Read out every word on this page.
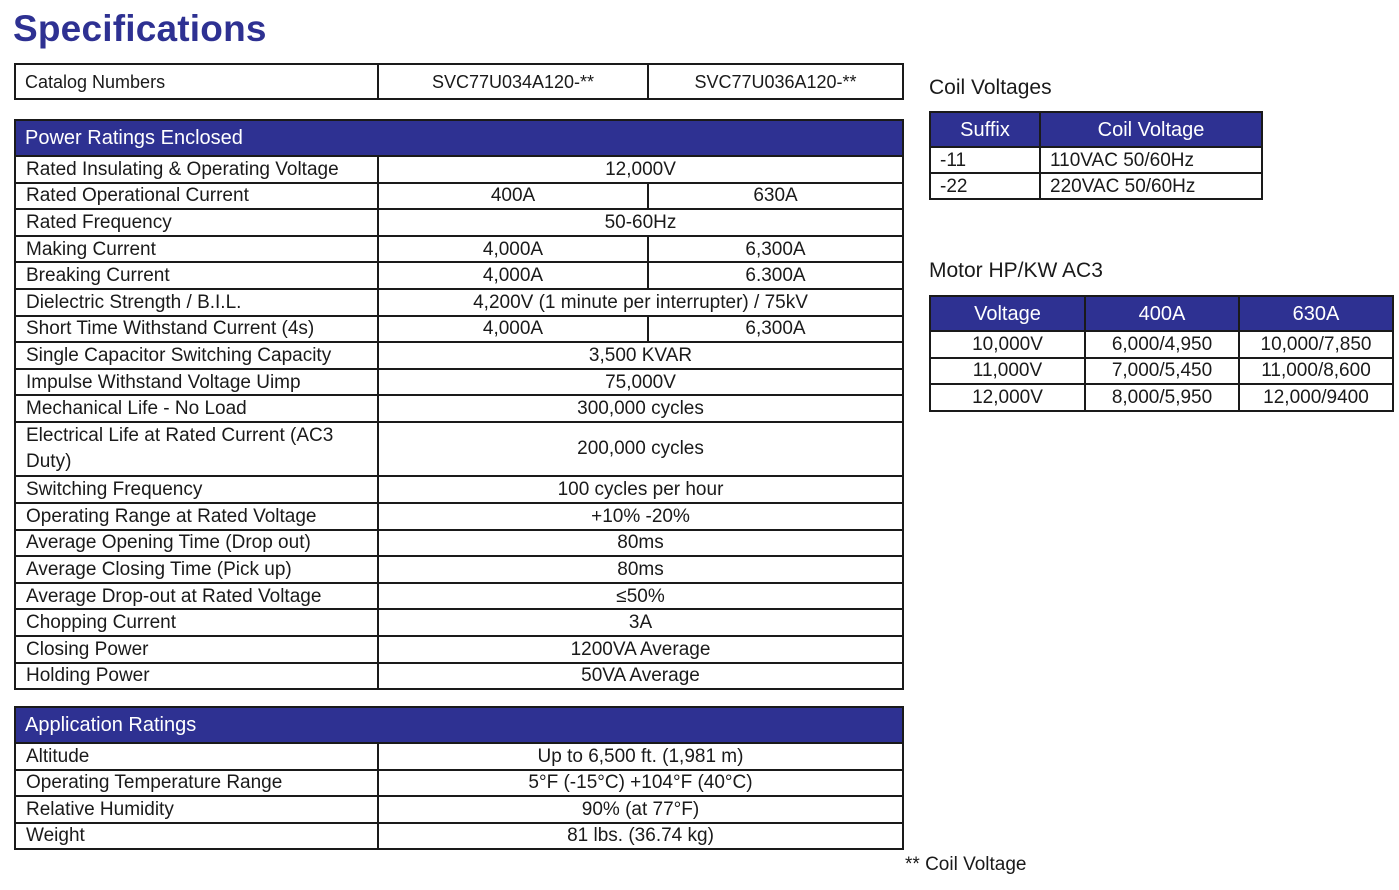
Specifications
Catalog Numbers	SVC77U034A120-**	SVC77U036A120-**
Power Ratings Enclosed		
Rated Insulating & Operating Voltage	12,000V	
Rated Operational Current	400A	630A
Rated Frequency	50-60Hz	
Making Current	4,000A	6,300A
Breaking Current	4,000A	6.300A
Dielectric Strength / B.I.L.	4,200V (1 minute per interrupter) / 75kV	
Short Time Withstand Current (4s)	4,000A	6,300A
Single Capacitor Switching Capacity	3,500 KVAR	
Impulse Withstand Voltage Uimp	75,000V	
Mechanical Life - No Load	300,000 cycles	
Electrical Life at Rated Current (AC3 Duty)	200,000 cycles	
Switching Frequency	100 cycles per hour	
Operating Range at Rated Voltage	+10% -20%	
Average Opening Time (Drop out)	80ms	
Average Closing Time (Pick up)	80ms	
Average Drop-out at Rated Voltage	≤50%	
Chopping Current	3A	
Closing Power	1200VA Average	
Holding Power	50VA Average	
Application Ratings	
Altitude	Up to 6,500 ft. (1,981 m)
Operating Temperature Range	5°F (-15°C) +104°F (40°C)
Relative Humidity	90% (at 77°F)
Weight	81 lbs. (36.74 kg)
Coil Voltages
Suffix	Coil Voltage
-11	110VAC 50/60Hz
-22	220VAC 50/60Hz
Motor HP/KW AC3
Voltage	400A	630A
10,000V	6,000/4,950	10,000/7,850
11,000V	7,000/5,450	11,000/8,600
12,000V	8,000/5,950	12,000/9400
** Coil Voltage
